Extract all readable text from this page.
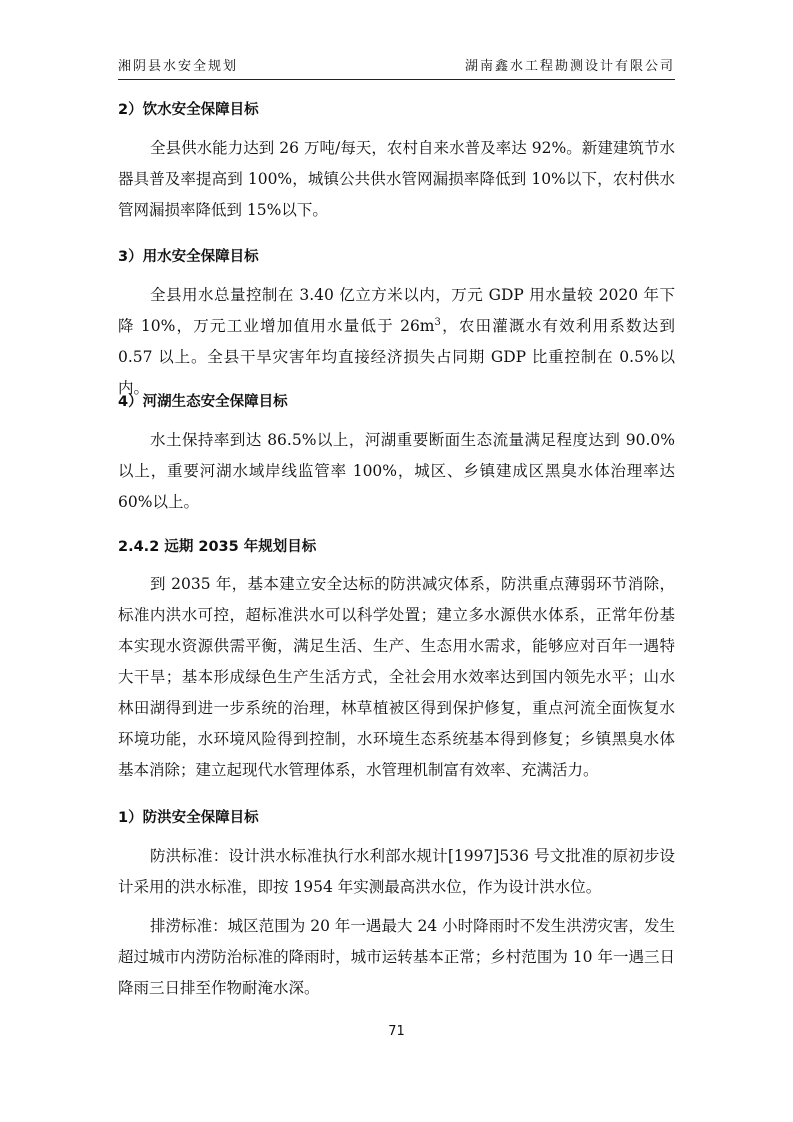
湘阴县水安全规划	湖南鑫水工程勘测设计有限公司
2）饮水安全保障目标

全县供水能力达到 26 万吨/每天，农村自来水普及率达 92%。新建建筑节水器具普及率提高到 100%，城镇公共供水管网漏损率降低到 10%以下，农村供水管网漏损率降低到 15%以下。

3）用水安全保障目标

全县用水总量控制在 3.40 亿立方米以内，万元 GDP 用水量较 2020 年下降 10%，万元工业增加值用水量低于 $26m^3$，农田灌溉水有效利用系数达到 0.57 以上。全县干旱灾害年均直接经济损失占同期 GDP 比重控制在 0.5%以内。

4）河湖生态安全保障目标

水土保持率到达 86.5%以上，河湖重要断面生态流量满足程度达到 90.0%以上，重要河湖水域岸线监管率 100%，城区、乡镇建成区黑臭水体治理率达 60%以上。

2.4.2 远期 2035 年规划目标

到 2035 年，基本建立安全达标的防洪减灾体系，防洪重点薄弱环节消除，标准内洪水可控，超标准洪水可以科学处置；建立多水源供水体系，正常年份基本实现水资源供需平衡，满足生活、生产、生态用水需求，能够应对百年一遇特大干旱；基本形成绿色生产生活方式，全社会用水效率达到国内领先水平；山水林田湖得到进一步系统的治理，林草植被区得到保护修复，重点河流全面恢复水环境功能，水环境风险得到控制，水环境生态系统基本得到修复；乡镇黑臭水体基本消除；建立起现代水管理体系，水管理机制富有效率、充满活力。

1）防洪安全保障目标

防洪标准：设计洪水标准执行水利部水规计[1997]536 号文批准的原初步设计采用的洪水标准，即按 1954 年实测最高洪水位，作为设计洪水位。

排涝标准：城区范围为 20 年一遇最大 24 小时降雨时不发生洪涝灾害，发生超过城市内涝防治标准的降雨时，城市运转基本正常；乡村范围为 10 年一遇三日降雨三日排至作物耐淹水深。

71
